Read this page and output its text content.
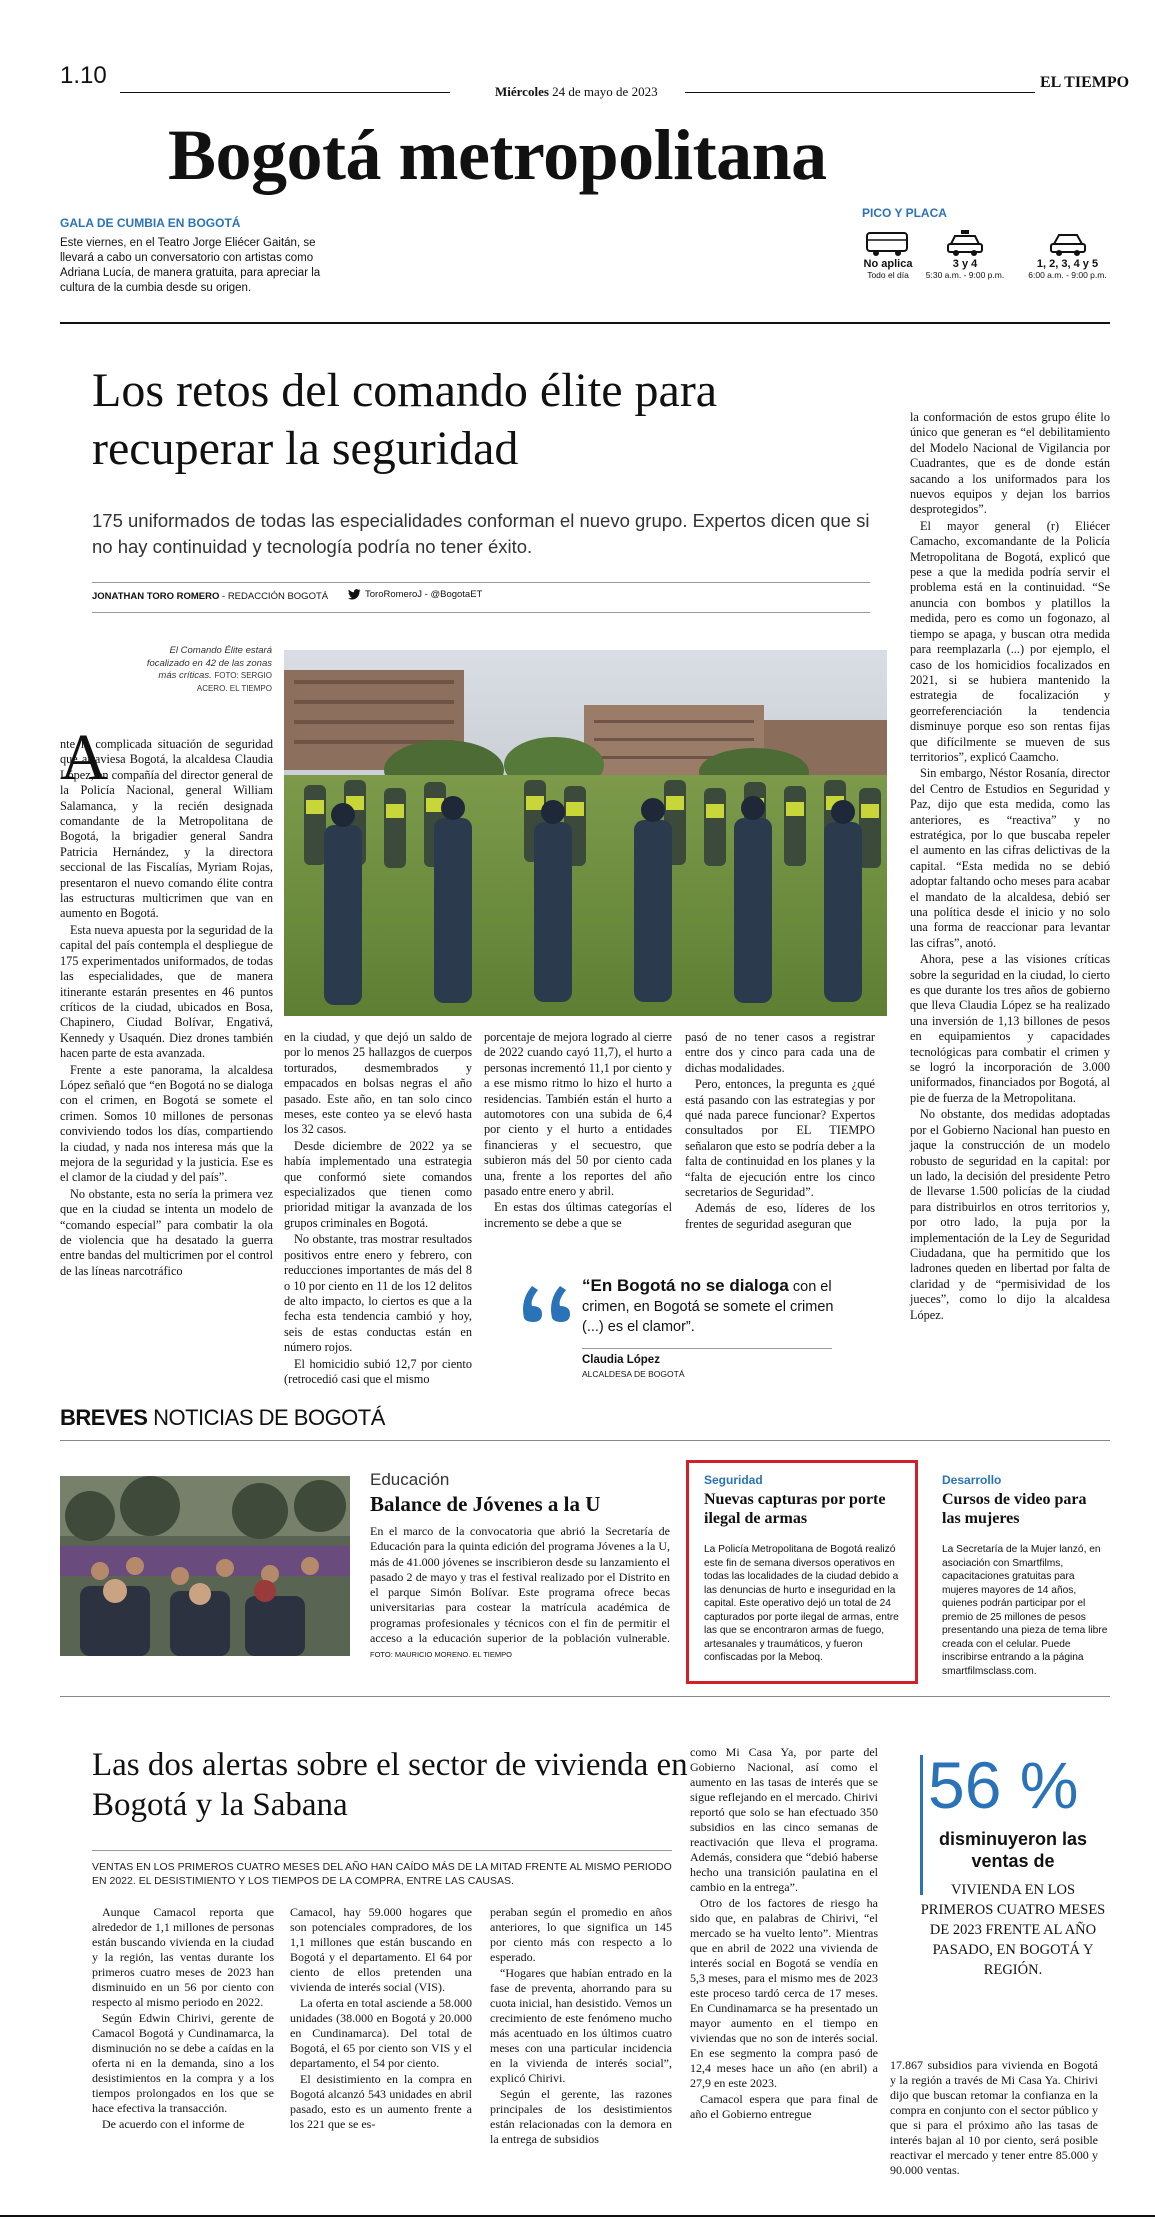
1.10
Miércoles 24 de mayo de 2023
EL TIEMPO
Bogotá metropolitana
GALA DE CUMBIA EN BOGOTÁ
Este viernes, en el Teatro Jorge Eliécer Gaitán, se llevará a cabo un conversatorio con artistas como Adriana Lucía, de manera gratuita, para apreciar la cultura de la cumbia desde su origen.
PICO Y PLACA
No aplica
Todo el día
3 y 4
5:30 a.m. - 9:00 p.m.
1, 2, 3, 4 y 5
6:00 a.m. - 9:00 p.m.
Los retos del comando élite para recuperar la seguridad
175 uniformados de todas las especialidades conforman el nuevo grupo. Expertos dicen que si no hay continuidad y tecnología podría no tener éxito.
JONATHAN TORO ROMERO - REDACCIÓN BOGOTÁ	ToroRomeroJ - @BogotaET
El Comando Élite estará focalizado en 42 de las zonas más críticas. FOTO: SERGIO ACERO. EL TIEMPO
A

nte la complicada situación de seguridad que atraviesa Bogotá, la alcaldesa Claudia López, en compañía del director general de la Policía Nacional, general William Salamanca, y la recién designada comandante de la Metropolitana de Bogotá, la brigadier general Sandra Patricia Hernández, y la directora seccional de las Fiscalías, Myriam Rojas, presentaron el nuevo comando élite contra las estructuras multicrimen que van en aumento en Bogotá.

Esta nueva apuesta por la seguridad de la capital del país contempla el despliegue de 175 experimentados uniformados, de todas las especialidades, que de manera itinerante estarán presentes en 46 puntos críticos de la ciudad, ubicados en Bosa, Chapinero, Ciudad Bolívar, Engativá, Kennedy y Usaquén. Diez drones también hacen parte de esta avanzada.

Frente a este panorama, la alcaldesa López señaló que “en Bogotá no se dialoga con el crimen, en Bogotá se somete el crimen. Somos 10 millones de personas conviviendo todos los días, compartiendo la ciudad, y nada nos interesa más que la mejora de la seguridad y la justicia. Ese es el clamor de la ciudad y del país”.

No obstante, esta no sería la primera vez que en la ciudad se intenta un modelo de “comando especial” para combatir la ola de violencia que ha desatado la guerra entre bandas del multicrimen por el control de las líneas narcotráfico

en la ciudad, y que dejó un saldo de por lo menos 25 hallazgos de cuerpos torturados, desmembrados y empacados en bolsas negras el año pasado. Este año, en tan solo cinco meses, este conteo ya se elevó hasta los 32 casos.

Desde diciembre de 2022 ya se había implementado una estrategia que conformó siete comandos especializados que tienen como prioridad mitigar la avanzada de los grupos criminales en Bogotá.

No obstante, tras mostrar resultados positivos entre enero y febrero, con reducciones importantes de más del 8 o 10 por ciento en 11 de los 12 delitos de alto impacto, lo ciertos es que a la fecha esta tendencia cambió y hoy, seis de estas conductas están en número rojos.

El homicidio subió 12,7 por ciento (retrocedió casi que el mismo

porcentaje de mejora logrado al cierre de 2022 cuando cayó 11,7), el hurto a personas incrementó 11,1 por ciento y a ese mismo ritmo lo hizo el hurto a residencias. También están el hurto a automotores con una subida de 6,4 por ciento y el hurto a entidades financieras y el secuestro, que subieron más del 50 por ciento cada una, frente a los reportes del año pasado entre enero y abril.

En estas dos últimas categorías el incremento se debe a que se

pasó de no tener casos a registrar entre dos y cinco para cada una de dichas modalidades.

Pero, entonces, la pregunta es ¿qué está pasando con las estrategias y por qué nada parece funcionar? Expertos consultados por EL TIEMPO señalaron que esto se podría deber a la falta de continuidad en los planes y la “falta de ejecución entre los cinco secretarios de Seguridad”.

Además de eso, líderes de los frentes de seguridad aseguran que

la conformación de estos grupo élite lo único que generan es “el debilitamiento del Modelo Nacional de Vigilancia por Cuadrantes, que es de donde están sacando a los uniformados para los nuevos equipos y dejan los barrios desprotegidos”.

El mayor general (r) Eliécer Camacho, excomandante de la Policía Metropolitana de Bogotá, explicó que pese a que la medida podría servir el problema está en la continuidad. “Se anuncia con bombos y platillos la medida, pero es como un fogonazo, al tiempo se apaga, y buscan otra medida para reemplazarla (...) por ejemplo, el caso de los homicidios focalizados en 2021, si se hubiera mantenido la estrategia de focalización y georreferenciación la tendencia disminuye porque eso son rentas fijas que difícilmente se mueven de sus territorios”, explicó Caamcho.

Sin embargo, Néstor Rosanía, director del Centro de Estudios en Seguridad y Paz, dijo que esta medida, como las anteriores, es “reactiva” y no estratégica, por lo que buscaba repeler el aumento en las cifras delictivas de la capital. “Esta medida no se debió adoptar faltando ocho meses para acabar el mandato de la alcaldesa, debió ser una política desde el inicio y no solo una forma de reaccionar para levantar las cifras”, anotó.

Ahora, pese a las visiones críticas sobre la seguridad en la ciudad, lo cierto es que durante los tres años de gobierno que lleva Claudia López se ha realizado una inversión de 1,13 billones de pesos en equipamientos y capacidades tecnológicas para combatir el crimen y se logró la incorporación de 3.000 uniformados, financiados por Bogotá, al pie de fuerza de la Metropolitana.

No obstante, dos medidas adoptadas por el Gobierno Nacional han puesto en jaque la construcción de un modelo robusto de seguridad en la capital: por un lado, la decisión del presidente Petro de llevarse 1.500 policías de la ciudad para distribuirlos en otros territorios y, por otro lado, la puja por la implementación de la Ley de Seguridad Ciudadana, que ha permitido que los ladrones queden en libertad por falta de claridad y de “permisividad de los jueces”, como lo dijo la alcaldesa López.

“En Bogotá no se dialoga con el crimen, en Bogotá se somete el crimen (...) es el clamor”.
Claudia López
ALCALDESA DE BOGOTÁ
BREVES NOTICIAS DE BOGOTÁ
Educación
Balance de Jóvenes a la U
En el marco de la convocatoria que abrió la Secretaría de Educación para la quinta edición del programa Jóvenes a la U, más de 41.000 jóvenes se inscribieron desde su lanzamiento el pasado 2 de mayo y tras el festival realizado por el Distrito en el parque Simón Bolívar. Este programa ofrece becas universitarias para costear la matrícula académica de programas profesionales y técnicos con el fin de permitir el acceso a la educación superior de la población vulnerable. FOTO: MAURICIO MORENO. EL TIEMPO
Seguridad
Nuevas capturas por porte ilegal de armas
La Policía Metropolitana de Bogotá realizó este fin de semana diversos operativos en todas las localidades de la ciudad debido a las denuncias de hurto e inseguridad en la capital. Este operativo dejó un total de 24 capturados por porte ilegal de armas, entre las que se encontraron armas de fuego, artesanales y traumáticos, y fueron confiscadas por la Meboq.
Desarrollo
Cursos de video para las mujeres
La Secretaría de la Mujer lanzó, en asociación con Smartfilms, capacitaciones gratuitas para mujeres mayores de 14 años, quienes podrán participar por el premio de 25 millones de pesos presentando una pieza de tema libre creada con el celular. Puede inscribirse entrando a la página smartfilmsclass.com.
Las dos alertas sobre el sector de vivienda en Bogotá y la Sabana
VENTAS EN LOS PRIMEROS CUATRO MESES DEL AÑO HAN CAÍDO MÁS DE LA MITAD FRENTE AL MISMO PERIODO EN 2022. EL DESISTIMIENTO Y LOS TIEMPOS DE LA COMPRA, ENTRE LAS CAUSAS.

Aunque Camacol reporta que alrededor de 1,1 millones de personas están buscando vivienda en la ciudad y la región, las ventas durante los primeros cuatro meses de 2023 han disminuido en un 56 por ciento con respecto al mismo periodo en 2022.

Según Edwin Chirivi, gerente de Camacol Bogotá y Cundinamarca, la disminución no se debe a caídas en la oferta ni en la demanda, sino a los desistimientos en la compra y a los tiempos prolongados en los que se hace efectiva la transacción.

De acuerdo con el informe de

Camacol, hay 59.000 hogares que son potenciales compradores, de los 1,1 millones que están buscando en Bogotá y el departamento. El 64 por ciento de ellos pretenden una vivienda de interés social (VIS).

La oferta en total asciende a 58.000 unidades (38.000 en Bogotá y 20.000 en Cundinamarca). Del total de Bogotá, el 65 por ciento son VIS y el departamento, el 54 por ciento.

El desistimiento en la compra en Bogotá alcanzó 543 unidades en abril pasado, esto es un aumento frente a los 221 que se es-

peraban según el promedio en años anteriores, lo que significa un 145 por ciento más con respecto a lo esperado.

“Hogares que habían entrado en la fase de preventa, ahorrando para su cuota inicial, han desistido. Vemos un crecimiento de este fenómeno mucho más acentuado en los últimos cuatro meses con una particular incidencia en la vivienda de interés social”, explicó Chirivi.

Según el gerente, las razones principales de los desistimientos están relacionadas con la demora en la entrega de subsidios

como Mi Casa Ya, por parte del Gobierno Nacional, así como el aumento en las tasas de interés que se sigue reflejando en el mercado. Chirivi reportó que solo se han efectuado 350 subsidios en las cinco semanas de reactivación que lleva el programa. Además, considera que “debió haberse hecho una transición paulatina en el cambio en la entrega”.

Otro de los factores de riesgo ha sido que, en palabras de Chirivi, “el mercado se ha vuelto lento”. Mientras que en abril de 2022 una vivienda de interés social en Bogotá se vendía en 5,3 meses, para el mismo mes de 2023 este proceso tardó cerca de 17 meses. En Cundinamarca se ha presentado un mayor aumento en el tiempo en viviendas que no son de interés social. En ese segmento la compra pasó de 12,4 meses hace un año (en abril) a 27,9 en este 2023.

Camacol espera que para final de año el Gobierno entregue

56 %
disminuyeron las ventas de
VIVIENDA EN LOS PRIMEROS CUATRO MESES DE 2023 FRENTE AL AÑO PASADO, EN BOGOTÁ Y REGIÓN.

17.867 subsidios para vivienda en Bogotá y la región a través de Mi Casa Ya. Chirivi dijo que buscan retomar la confianza en la compra en conjunto con el sector público y que si para el próximo año las tasas de interés bajan al 10 por ciento, será posible reactivar el mercado y tener entre 85.000 y 90.000 ventas.
